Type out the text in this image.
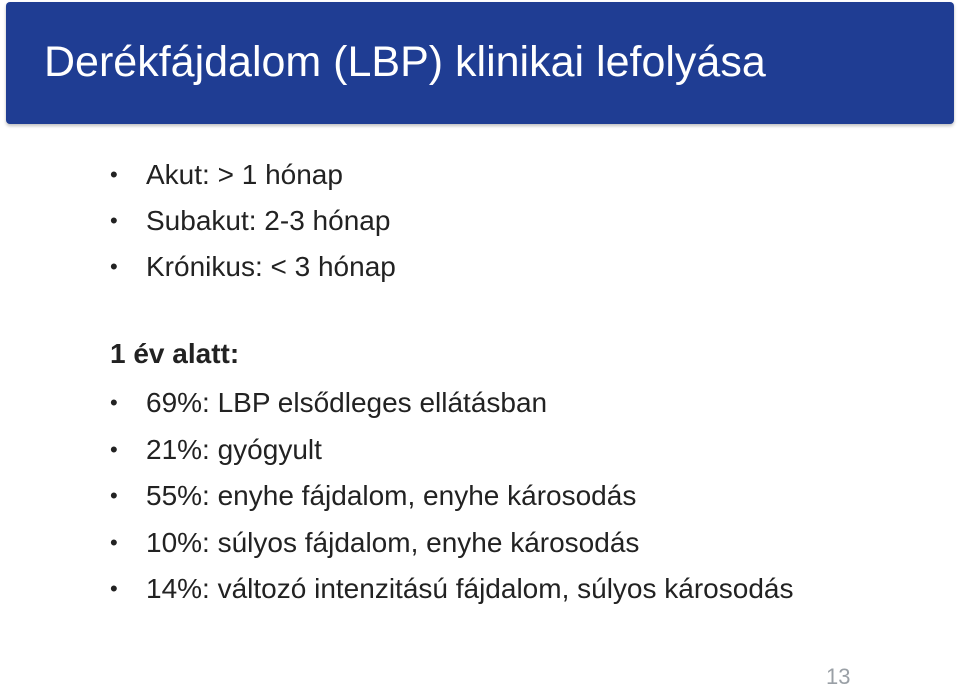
Derékfájdalom (LBP) klinikai lefolyása
• Akut: > 1 hónap
• Subakut: 2-3 hónap
• Krónikus: < 3 hónap
1 év alatt:
• 69%: LBP elsődleges ellátásban
• 21%: gyógyult
• 55%: enyhe fájdalom, enyhe károsodás
• 10%: súlyos fájdalom, enyhe károsodás
• 14%: változó intenzitású fájdalom, súlyos károsodás
13
